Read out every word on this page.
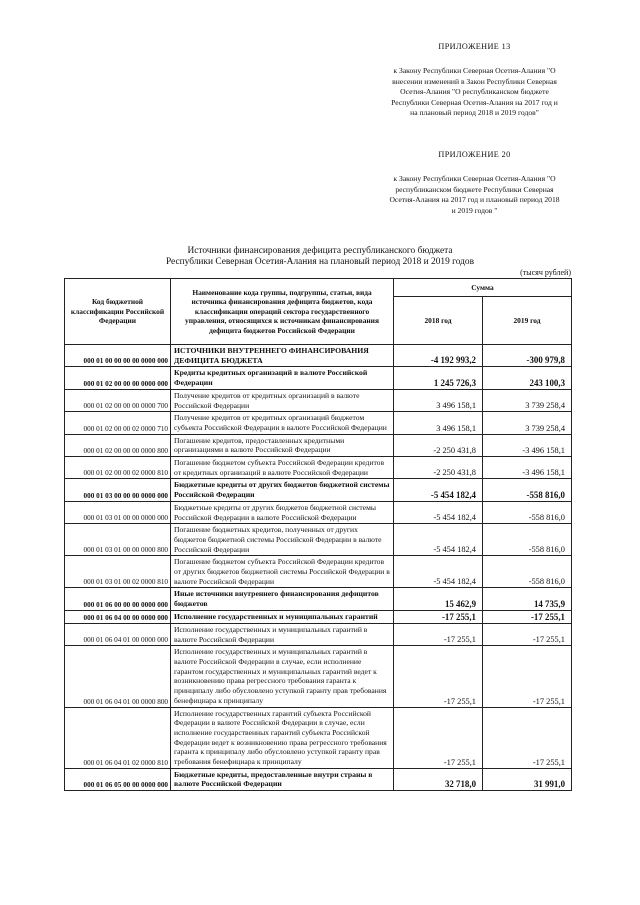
ПРИЛОЖЕНИЕ 13
к Закону Республики Северная Осетия-Алания "О внесении изменений в Закон Республики Северная Осетия-Алания "О республиканском бюджете Республики Северная Осетия-Алания на 2017 год и на плановый период 2018 и 2019 годов"
ПРИЛОЖЕНИЕ 20
к Закону Республики Северная Осетия-Алания "О республиканском бюджете Республики Северная Осетия-Алания на 2017 год и плановый период 2018 и 2019 годов "
Источники финансирования дефицита республиканского бюджета
Республики Северная Осетия-Алания на плановый период 2018 и 2019 годов
(тысяч рублей)
Код бюджетной классификации Российской Федерации	Наименование кода группы, подгруппы, статьи, вида источника финансирования дефицита бюджетов, кода классификации операций сектора государственного управления, относящихся к источникам финансирования дефицита бюджетов Российской Федерации	Сумма	
		2018 год	2019 год
000 01 00 00 00 00 0000 000	ИСТОЧНИКИ ВНУТРЕННЕГО ФИНАНСИРОВАНИЯ ДЕФИЦИТА БЮДЖЕТА	-4 192 993,2	-300 979,8
000 01 02 00 00 00 0000 000	Кредиты кредитных организаций в валюте Российской Федерации	1 245 726,3	243 100,3
000 01 02 00 00 00 0000 700	Получение кредитов от кредитных организаций в валюте Российской Федерации	3 496 158,1	3 739 258,4
000 01 02 00 00 02 0000 710	Получение кредитов от кредитных организаций бюджетом субъекта Российской Федерации в валюте Российской Федерации	3 496 158,1	3 739 258,4
000 01 02 00 00 00 0000 800	Погашение кредитов, предоставленных кредитными организациями в валюте Российской Федерации	-2 250 431,8	-3 496 158,1
000 01 02 00 00 02 0000 810	Погашение бюджетом субъекта Российской Федерации кредитов от кредитных организаций в валюте Российской Федерации	-2 250 431,8	-3 496 158,1
000 01 03 00 00 00 0000 000	Бюджетные кредиты от других бюджетов бюджетной системы Российской Федерации	-5 454 182,4	-558 816,0
000 01 03 01 00 00 0000 000	Бюджетные кредиты от других бюджетов бюджетной системы Российской Федерации в валюте Российской Федерации	-5 454 182,4	-558 816,0
000 01 03 01 00 00 0000 800	Погашение бюджетных кредитов, полученных от других бюджетов бюджетной системы Российской Федерации в валюте Российской Федерации	-5 454 182,4	-558 816,0
000 01 03 01 00 02 0000 810	Погашение бюджетом субъекта Российской Федерации кредитов от других бюджетов бюджетной системы Российской Федерации в валюте Российской Федерации	-5 454 182,4	-558 816,0
000 01 06 00 00 00 0000 000	Иные источники внутреннего финансирования дефицитов бюджетов	15 462,9	14 735,9
000 01 06 04 00 00 0000 000	Исполнение государственных и муниципальных гарантий	-17 255,1	-17 255,1
000 01 06 04 01 00 0000 000	Исполнение государственных и муниципальных гарантий в валюте Российской Федерации	-17 255,1	-17 255,1
000 01 06 04 01 00 0000 800	Исполнение государственных и муниципальных гарантий в валюте Российской Федерации в случае, если исполнение гарантом государственных и муниципальных гарантий ведет к возникновению права регрессного требования гаранта к принципалу либо обусловлено уступкой гаранту прав требования бенефициара к принципалу	-17 255,1	-17 255,1
000 01 06 04 01 02 0000 810	Исполнение государственных гарантий субъекта Российской Федерации в валюте Российской Федерации в случае, если исполнение государственных гарантий субъекта Российской Федерации ведет к возникновению права регрессного требования гаранта к принципалу либо обусловлено уступкой гаранту прав требования бенефициара к принципалу	-17 255,1	-17 255,1
000 01 06 05 00 00 0000 000	Бюджетные кредиты, предоставленные внутри страны в валюте Российской Федерации	32 718,0	31 991,0
